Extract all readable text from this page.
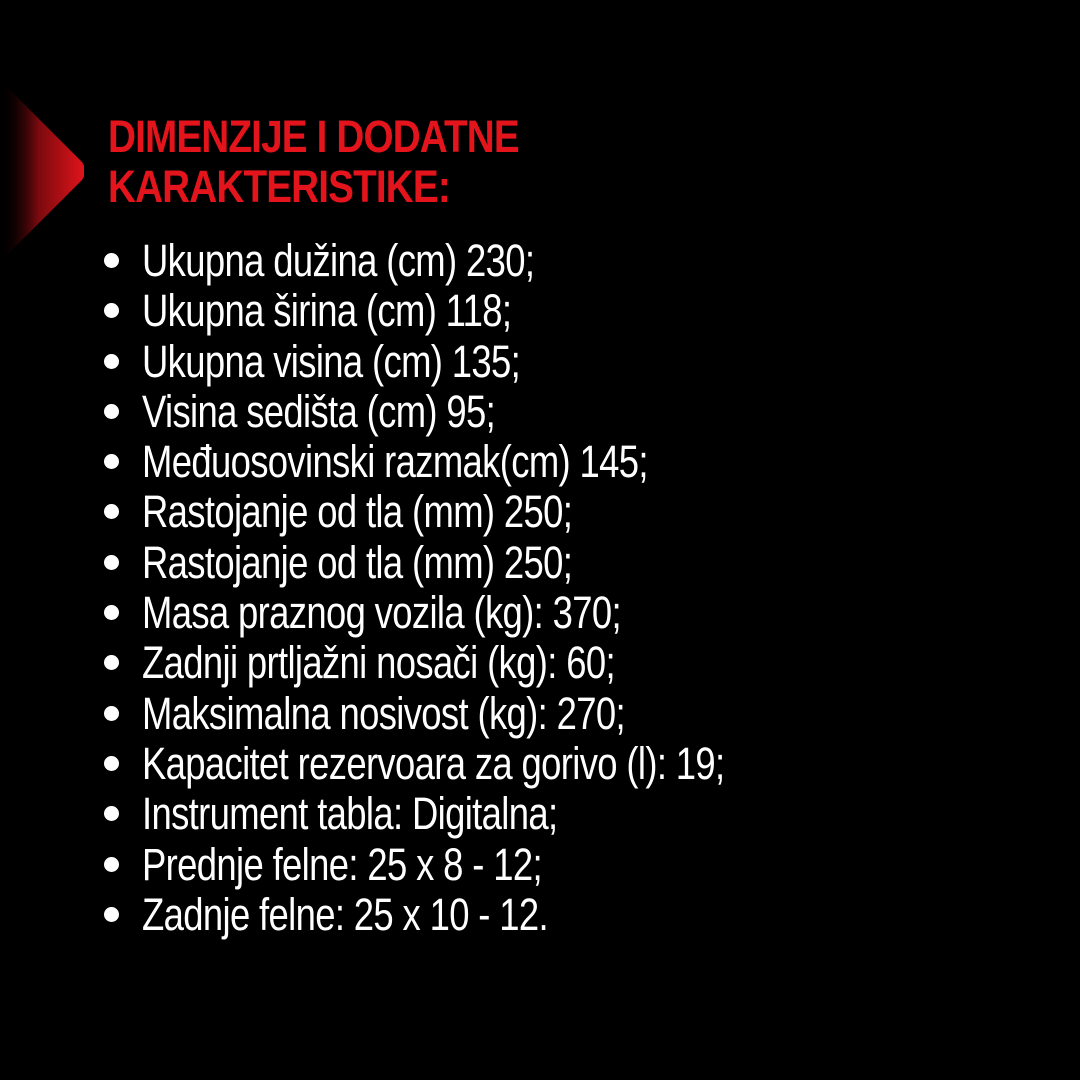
DIMENZIJE I DODATNE
KARAKTERISTIKE:
Ukupna dužina (cm) 230;
Ukupna širina (cm) 118;
Ukupna visina (cm) 135;
Visina sedišta (cm) 95;
Međuosovinski razmak(cm) 145;
Rastojanje od tla (mm) 250;
Rastojanje od tla (mm) 250;
Masa praznog vozila (kg): 370;
Zadnji prtljažni nosači (kg): 60;
Maksimalna nosivost (kg): 270;
Kapacitet rezervoara za gorivo (l): 19;
Instrument tabla: Digitalna;
Prednje felne: 25 x 8 - 12;
Zadnje felne: 25 x 10 - 12.
